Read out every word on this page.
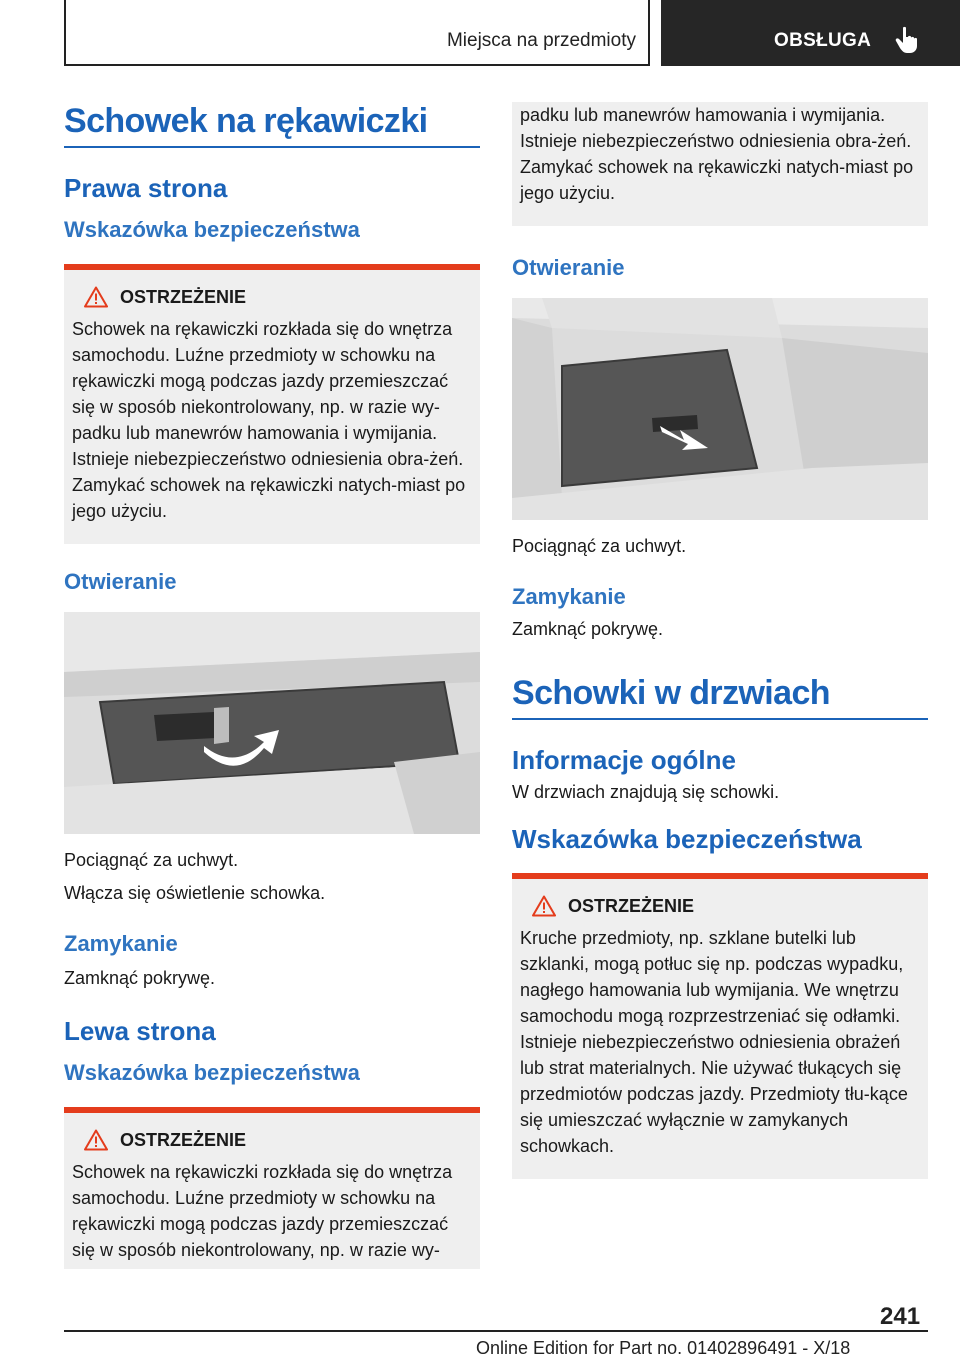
Miejsca na przedmioty	OBSŁUGA
Schowek na rękawiczki
Prawa strona
Wskazówka bezpieczeństwa
OSTRZEŻENIE
Schowek na rękawiczki rozkłada się do wnętrza samochodu. Luźne przedmioty w schowku na rękawiczki mogą podczas jazdy przemieszczać się w sposób niekontrolowany, np. w razie wy-padku lub manewrów hamowania i wymijania. Istnieje niebezpieczeństwo odniesienia obra-żeń. Zamykać schowek na rękawiczki natych-miast po jego użyciu.
Otwieranie
Pociągnąć za uchwyt.
Włącza się oświetlenie schowka.
Zamykanie
Zamknąć pokrywę.
Lewa strona
Wskazówka bezpieczeństwa
OSTRZEŻENIE
Schowek na rękawiczki rozkłada się do wnętrza samochodu. Luźne przedmioty w schowku na rękawiczki mogą podczas jazdy przemieszczać się w sposób niekontrolowany, np. w razie wy-
padku lub manewrów hamowania i wymijania. Istnieje niebezpieczeństwo odniesienia obra-żeń. Zamykać schowek na rękawiczki natych-miast po jego użyciu.
Otwieranie
Pociągnąć za uchwyt.
Zamykanie
Zamknąć pokrywę.
Schowki w drzwiach
Informacje ogólne
W drzwiach znajdują się schowki.
Wskazówka bezpieczeństwa
OSTRZEŻENIE
Kruche przedmioty, np. szklane butelki lub szklanki, mogą potłuc się np. podczas wypadku, nagłego hamowania lub wymijania. We wnętrzu samochodu mogą rozprzestrzeniać się odłamki. Istnieje niebezpieczeństwo odniesienia obrażeń lub strat materialnych. Nie używać tłukących się przedmiotów podczas jazdy. Przedmioty tłu-kące się umieszczać wyłącznie w zamykanych schowkach.
241
Online Edition for Part no. 01402896491 - X/18
